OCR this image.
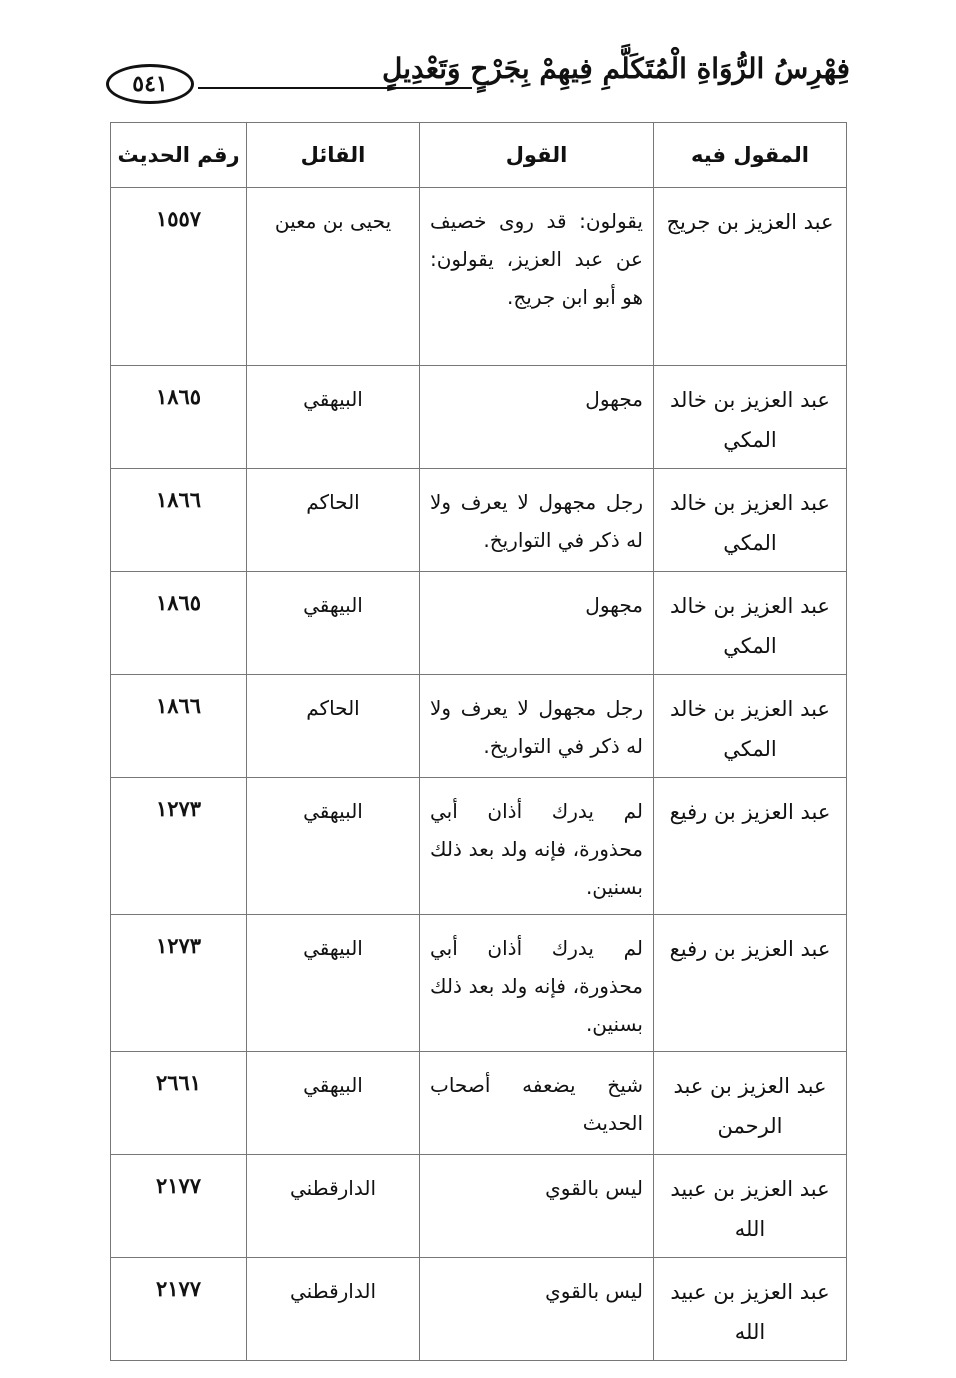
٥٤١	فِهْرِسُ الرُّوَاةِ الْمُتَكَلَّمِ فِيهِمْ بِجَرْحٍ وَتَعْدِيلٍ
المقول فيه	القول	القائل	رقم الحديث
عبد العزيز بن جريج	يقولون: قد روى خصيف عن عبد العزيز، يقولون: هو أبو ابن جريج.	يحيى بن معين	١٥٥٧
عبد العزيز بن خالد المكي	مجهول	البيهقي	١٨٦٥
عبد العزيز بن خالد المكي	رجل مجهول لا يعرف ولا له ذكر في التواريخ.	الحاكم	١٨٦٦
عبد العزيز بن خالد المكي	مجهول	البيهقي	١٨٦٥
عبد العزيز بن خالد المكي	رجل مجهول لا يعرف ولا له ذكر في التواريخ.	الحاكم	١٨٦٦
عبد العزيز بن رفيع	لم يدرك أذان أبي محذورة، فإنه ولد بعد ذلك بسنين.	البيهقي	١٢٧٣
عبد العزيز بن رفيع	لم يدرك أذان أبي محذورة، فإنه ولد بعد ذلك بسنين.	البيهقي	١٢٧٣
عبد العزيز بن عبد الرحمن	شيخ يضعفه أصحاب الحديث	البيهقي	٢٦٦١
عبد العزيز بن عبيد الله	ليس بالقوي	الدارقطني	٢١٧٧
عبد العزيز بن عبيد الله	ليس بالقوي	الدارقطني	٢١٧٧
